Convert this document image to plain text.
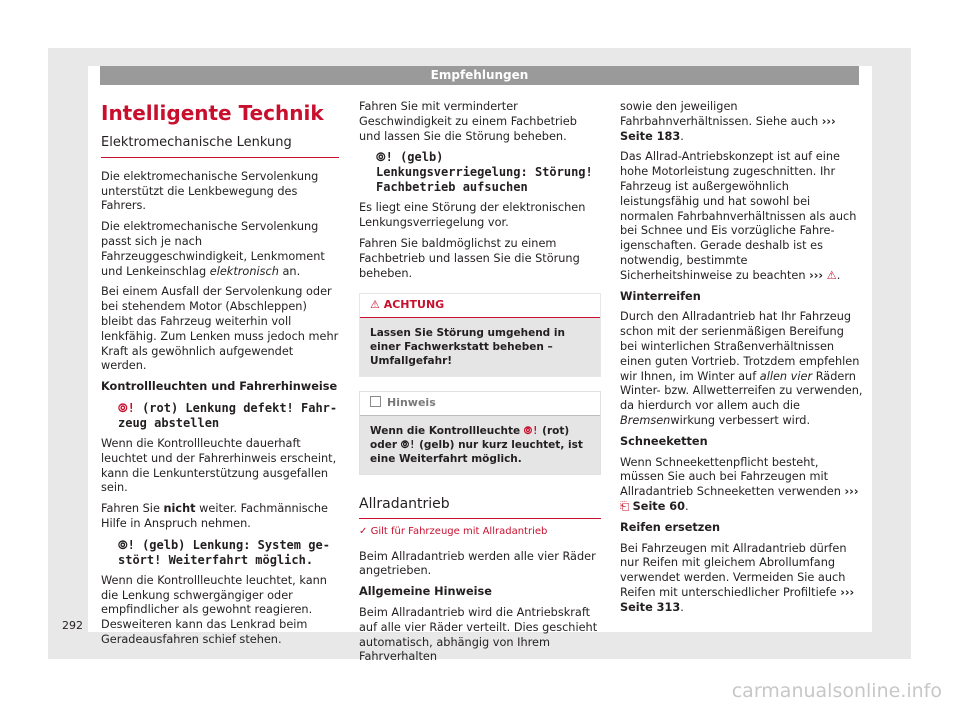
Empfehlungen
Intelligente Technik
Elektromechanische Lenkung

Die elektromechanische Servolenkung unterstützt die Lenkbewegung des Fahrers.

Die elektromechanische Servolenkung passt sich je nach Fahrzeuggeschwindigkeit, Lenkmoment und Lenkeinschlag elektronisch an.

Bei einem Ausfall der Servolenkung oder bei stehendem Motor (Abschleppen) bleibt das Fahrzeug weiterhin voll lenkfähig. Zum Lenken muss jedoch mehr Kraft als gewöhnlich aufgewendet werden.

Kontrollleuchten und Fahrerhinweise

⦾! (rot) Lenkung defekt! Fahrzeug abstellen

Wenn die Kontrollleuchte dauerhaft leuchtet und der Fahrerhinweis erscheint, kann die Lenkunterstützung ausgefallen sein.

Fahren Sie nicht weiter. Fachmännische Hilfe in Anspruch nehmen.

⦾! (gelb) Lenkung: System gestört! Weiterfahrt möglich.

Wenn die Kontrollleuchte leuchtet, kann die Lenkung schwergängiger oder empfindlicher als gewohnt reagieren. Desweiteren kann das Lenkrad beim Geradeausfahren schief stehen.

Fahren Sie mit verminderter Geschwindigkeit zu einem Fachbetrieb und lassen Sie die Störung beheben.

⦾! (gelb) Lenkungsverriegelung: Störung! Fachbetrieb aufsuchen

Es liegt eine Störung der elektronischen Lenkungsverriegelung vor.

Fahren Sie baldmöglichst zu einem Fachbetrieb und lassen Sie die Störung beheben.

⚠ ACHTUNG
Lassen Sie Störung umgehend in einer Fachwerkstatt beheben – Umfallgefahr!
Hinweis
Wenn die Kontrollleuchte ⦾! (rot) oder ⦾! (gelb) nur kurz leuchtet, ist eine Weiterfahrt möglich.
Allradantrieb
✓ Gilt für Fahrzeuge mit Allradantrieb

Beim Allradantrieb werden alle vier Räder angetrieben.

Allgemeine Hinweise

Beim Allradantrieb wird die Antriebskraft auf alle vier Räder verteilt. Dies geschieht automatisch, abhängig von Ihrem Fahrverhalten

sowie den jeweiligen Fahrbahnverhältnissen. Siehe auch ››› Seite 183.

Das Allrad-Antriebskonzept ist auf eine hohe Motorleistung zugeschnitten. Ihr Fahrzeug ist außergewöhnlich leistungsfähig und hat sowohl bei normalen Fahrbahnverhältnissen als auch bei Schnee und Eis vorzügliche Fahreigenschaften. Gerade deshalb ist es notwendig, bestimmte Sicherheitshinweise zu beachten ››› ⚠.

Winterreifen

Durch den Allradantrieb hat Ihr Fahrzeug schon mit der serienmäßigen Bereifung bei winterlichen Straßenverhältnissen einen guten Vortrieb. Trotzdem empfehlen wir Ihnen, im Winter auf allen vier Rädern Winter- bzw. Allwetterreifen zu verwenden, da hierdurch vor allem auch die Bremsenwirkung verbessert wird.

Schneeketten

Wenn Schneekettenpflicht besteht, müssen Sie auch bei Fahrzeugen mit Allradantrieb Schneeketten verwenden ››› ⎗ Seite 60.

Reifen ersetzen

Bei Fahrzeugen mit Allradantrieb dürfen nur Reifen mit gleichem Abrollumfang verwendet werden. Vermeiden Sie auch Reifen mit unterschiedlicher Profiltiefe ››› Seite 313.

292
carmanualsonline.info
